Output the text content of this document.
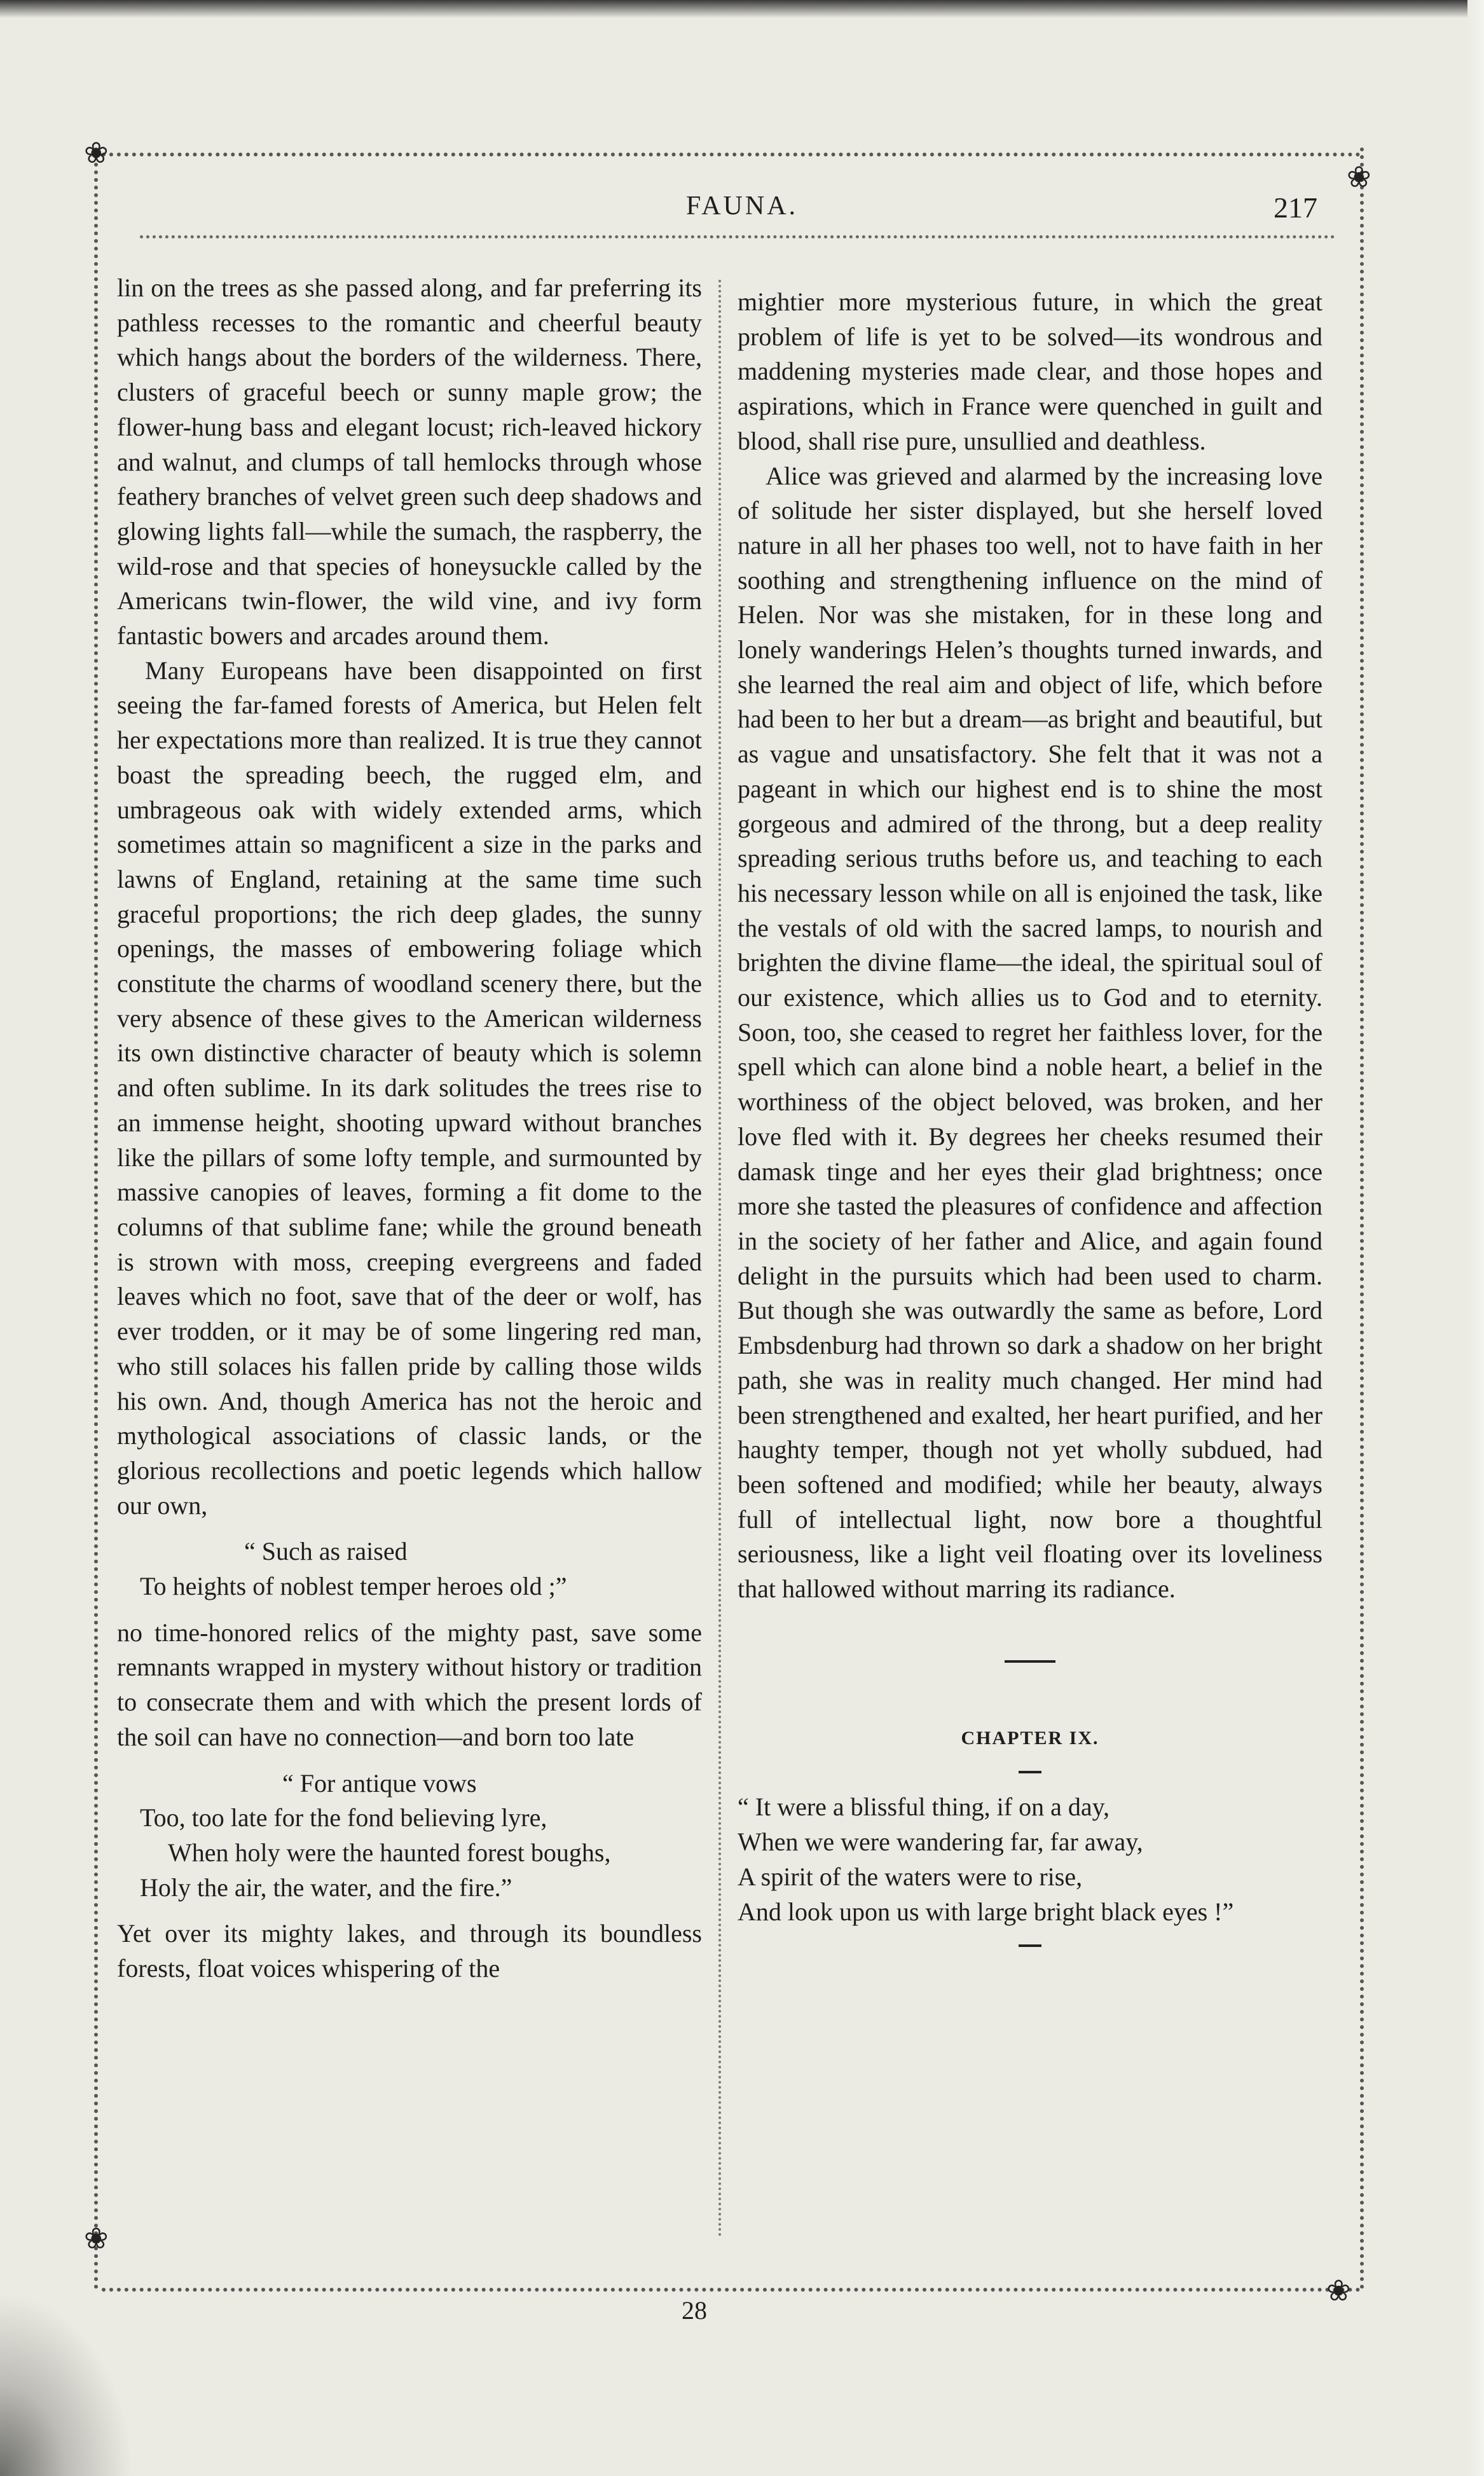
❀
❀
❀
❀
FAUNA.	217

lin on the trees as she passed along, and far preferring its pathless recesses to the romantic and cheerful beauty which hangs about the borders of the wilderness. There, clusters of graceful beech or sunny maple grow; the flower-hung bass and elegant locust; rich-leaved hickory and walnut, and clumps of tall hemlocks through whose feathery branches of velvet green such deep shadows and glowing lights fall—while the sumach, the raspberry, the wild-rose and that species of honeysuckle called by the Americans twin-flower, the wild vine, and ivy form fantastic bowers and arcades around them.

Many Europeans have been disappointed on first seeing the far-famed forests of America, but Helen felt her expectations more than realized. It is true they cannot boast the spreading beech, the rugged elm, and umbrageous oak with widely extended arms, which sometimes attain so magnificent a size in the parks and lawns of England, retaining at the same time such graceful proportions; the rich deep glades, the sunny openings, the masses of embowering foliage which constitute the charms of woodland scenery there, but the very absence of these gives to the American wilderness its own distinctive character of beauty which is solemn and often sublime. In its dark solitudes the trees rise to an immense height, shooting upward without branches like the pillars of some lofty temple, and surmounted by massive canopies of leaves, forming a fit dome to the columns of that sublime fane; while the ground beneath is strown with moss, creeping evergreens and faded leaves which no foot, save that of the deer or wolf, has ever trodden, or it may be of some lingering red man, who still solaces his fallen pride by calling those wilds his own. And, though America has not the heroic and mythological associations of classic lands, or the glorious recollections and poetic legends which hallow our own,

“ Such as raised
To heights of noblest temper heroes old ;”

no time-honored relics of the mighty past, save some remnants wrapped in mystery without history or tradition to consecrate them and with which the present lords of the soil can have no connection—and born too late

“ For antique vows
Too, too late for the fond believing lyre,
When holy were the haunted forest boughs,
Holy the air, the water, and the fire.”

Yet over its mighty lakes, and through its boundless forests, float voices whispering of the

mightier more mysterious future, in which the great problem of life is yet to be solved—its wondrous and maddening mysteries made clear, and those hopes and aspirations, which in France were quenched in guilt and blood, shall rise pure, unsullied and deathless.

Alice was grieved and alarmed by the increasing love of solitude her sister displayed, but she herself loved nature in all her phases too well, not to have faith in her soothing and strengthening influence on the mind of Helen. Nor was she mistaken, for in these long and lonely wanderings Helen’s thoughts turned inwards, and she learned the real aim and object of life, which before had been to her but a dream—as bright and beautiful, but as vague and unsatisfactory. She felt that it was not a pageant in which our highest end is to shine the most gorgeous and admired of the throng, but a deep reality spreading serious truths before us, and teaching to each his necessary lesson while on all is enjoined the task, like the vestals of old with the sacred lamps, to nourish and brighten the divine flame—the ideal, the spiritual soul of our existence, which allies us to God and to eternity. Soon, too, she ceased to regret her faithless lover, for the spell which can alone bind a noble heart, a belief in the worthiness of the object beloved, was broken, and her love fled with it. By degrees her cheeks resumed their damask tinge and her eyes their glad brightness; once more she tasted the pleasures of confidence and affection in the society of her father and Alice, and again found delight in the pursuits which had been used to charm. But though she was outwardly the same as before, Lord Embsdenburg had thrown so dark a shadow on her bright path, she was in reality much changed. Her mind had been strengthened and exalted, her heart purified, and her haughty temper, though not yet wholly subdued, had been softened and modified; while her beauty, always full of intellectual light, now bore a thoughtful seriousness, like a light veil floating over its loveliness that hallowed without marring its radiance.

CHAPTER IX.
“ It were a blissful thing, if on a day,
When we were wandering far, far away,
A spirit of the waters were to rise,
And look upon us with large bright black eyes !”
28
